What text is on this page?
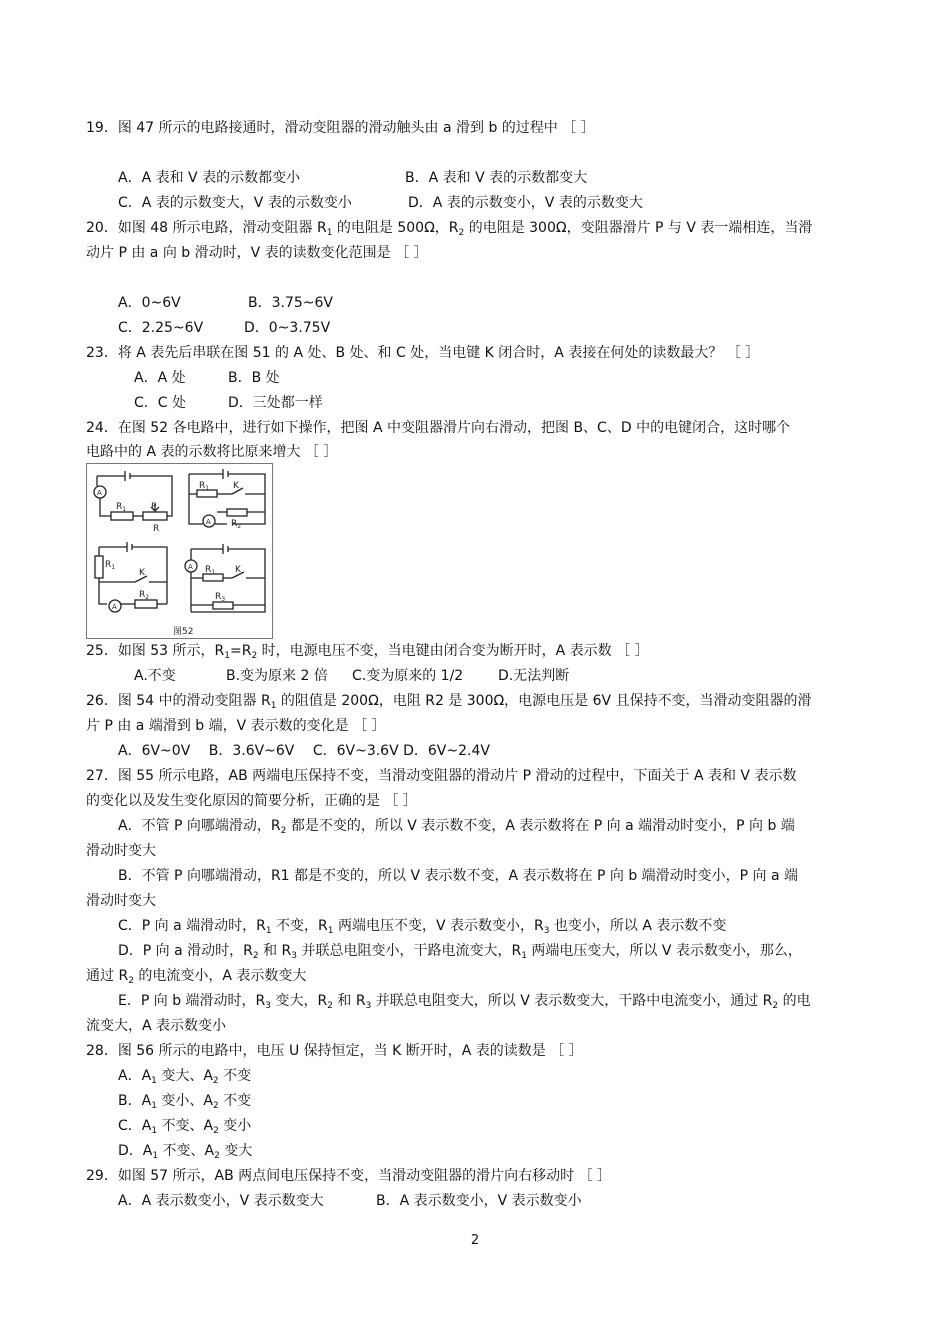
19．图 47 所示的电路接通时，滑动变阻器的滑动触头由 a 滑到 b 的过程中 ［ ］
A．A 表和 V 表的示数都变小	B．A 表和 V 表的示数都变大
C．A 表的示数变大，V 表的示数变小	D．A 表的示数变小，V 表的示数变大
20．如图 48 所示电路，滑动变阻器 $R_1$ 的电阻是 500Ω，$R_2$ 的电阻是 300Ω，变阻器滑片 P 与 V 表一端相连，当滑
动片 P 由 a 向 b 滑动时，V 表的读数变化范围是 ［ ］
A．0~6V	B．3.75~6V
C．2.25~6V	D．0~3.75V
23．将 A 表先后串联在图 51 的 A 处、B 处、和 C 处，当电键 K 闭合时，A 表接在何处的读数最大？ ［ ］
A．A 处	B．B 处
C．C 处	D．三处都一样
24．在图 52 各电路中，进行如下操作，把图 A 中变阻器滑片向右滑动，把图 B、C、D 中的电键闭合，这时哪个
电路中的 A 表的示数将比原来增大 ［ ］
A
$R_1$	P
R
$R_1$	K
A $R_2$
$R_1$
K
A
$R_2$
A $R_1$ K
$R_3$
图52
25．如图 53 所示，$R_1=R_2$ 时，电源电压不变，当电键由闭合变为断开时，A 表示数 ［ ］
A.不变	B.变为原来 2 倍 C.变为原来的 1/2 D.无法判断
26．图 54 中的滑动变阻器 $R_1$ 的阻值是 200Ω，电阻 R2 是 300Ω，电源电压是 6V 且保持不变，当滑动变阻器的滑
片 P 由 a 端滑到 b 端，V 表示数的变化是 ［ ］
A．6V~0V　 B．3.6V~6V　 C．6V~3.6V D．6V~2.4V
27．图 55 所示电路，AB 两端电压保持不变，当滑动变阻器的滑动片 P 滑动的过程中，下面关于 A 表和 V 表示数
的变化以及发生变化原因的简要分析，正确的是 ［ ］
A．不管 P 向哪端滑动，$R_2$ 都是不变的，所以 V 表示数不变，A 表示数将在 P 向 a 端滑动时变小，P 向 b 端
滑动时变大
B．不管 P 向哪端滑动，R1 都是不变的，所以 V 表示数不变，A 表示数将在 P 向 b 端滑动时变小，P 向 a 端
滑动时变大
C．P 向 a 端滑动时，$R_1$ 不变，$R_1$ 两端电压不变，V 表示数变小，$R_3$ 也变小，所以 A 表示数不变
D．P 向 a 滑动时，$R_2$ 和 $R_3$ 并联总电阻变小，干路电流变大，$R_1$ 两端电压变大，所以 V 表示数变小，那么，
通过 $R_2$ 的电流变小，A 表示数变大
E．P 向 b 端滑动时，$R_3$ 变大，$R_2$ 和 $R_3$ 并联总电阻变大，所以 V 表示数变大，干路中电流变小，通过 $R_2$ 的电
流变大，A 表示数变小
28．图 56 所示的电路中，电压 U 保持恒定，当 K 断开时，A 表的读数是 ［ ］
A．$A_1$ 变大、$A_2$ 不变
B．$A_1$ 变小、$A_2$ 不变
C．$A_1$ 不变、$A_2$ 变小
D．$A_1$ 不变、$A_2$ 变大
29．如图 57 所示，AB 两点间电压保持不变，当滑动变阻器的滑片向右移动时 ［ ］
A．A 表示数变小，V 表示数变大	B．A 表示数变小，V 表示数变小
2
